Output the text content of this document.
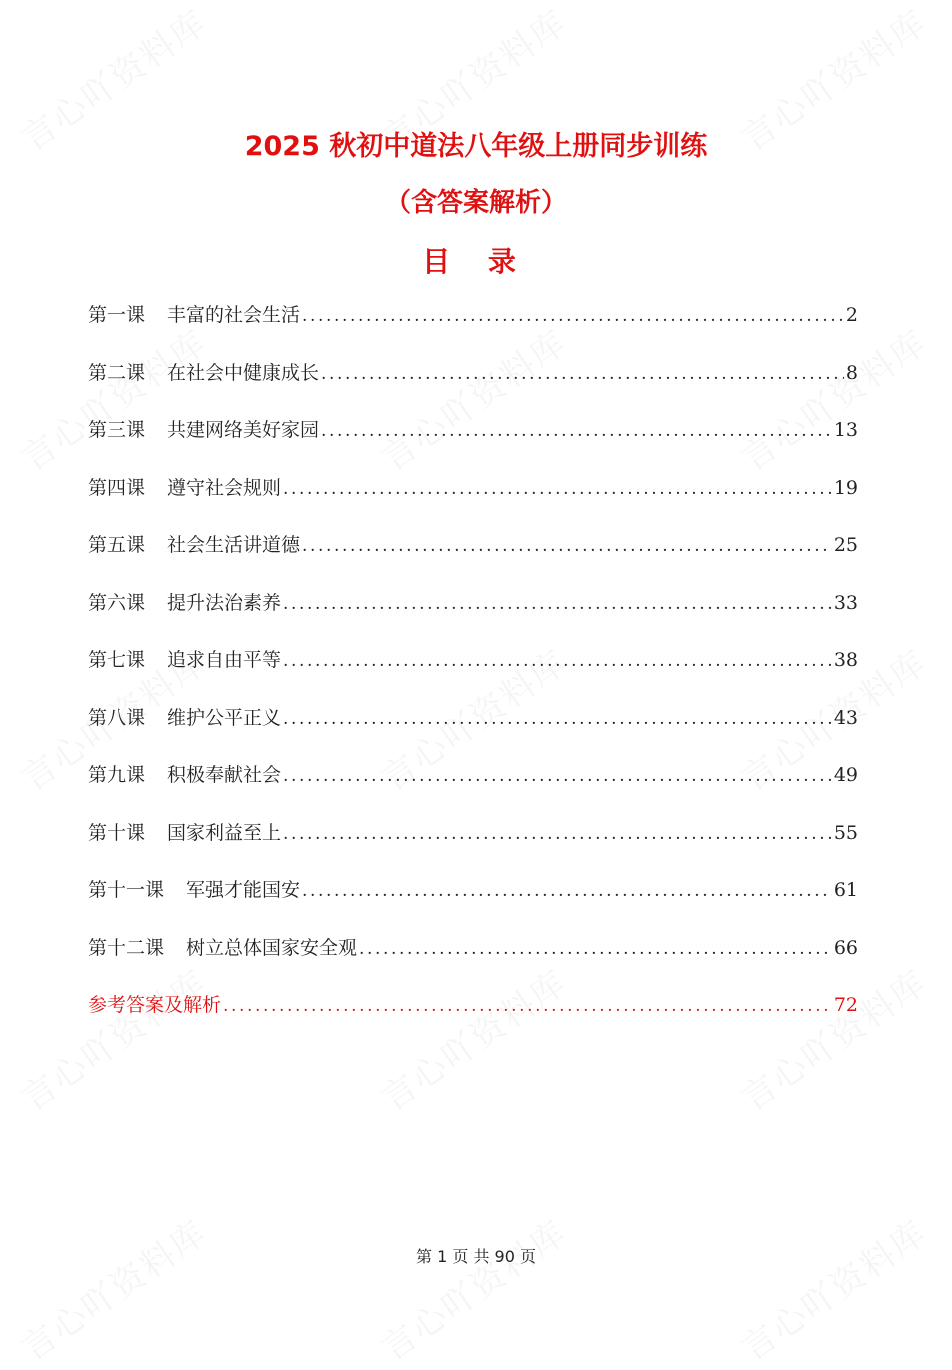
2025 秋初中道法八年级上册同步训练
（含答案解析）
目 录
第一课 丰富的社会生活 .....	2
第二课 在社会中健康成长 .....	8
第三课 共建网络美好家园 .....	13
第四课 遵守社会规则 .....	19
第五课 社会生活讲道德 .....	25
第六课 提升法治素养 .....	33
第七课 追求自由平等 .....	38
第八课 维护公平正义 .....	43
第九课 积极奉献社会 .....	49
第十课 国家利益至上 .....	55
第十一课 军强才能国安 .....	61
第十二课 树立总体国家安全观 .....	66
参考答案及解析 .....	72
第 1 页 共 90 页
